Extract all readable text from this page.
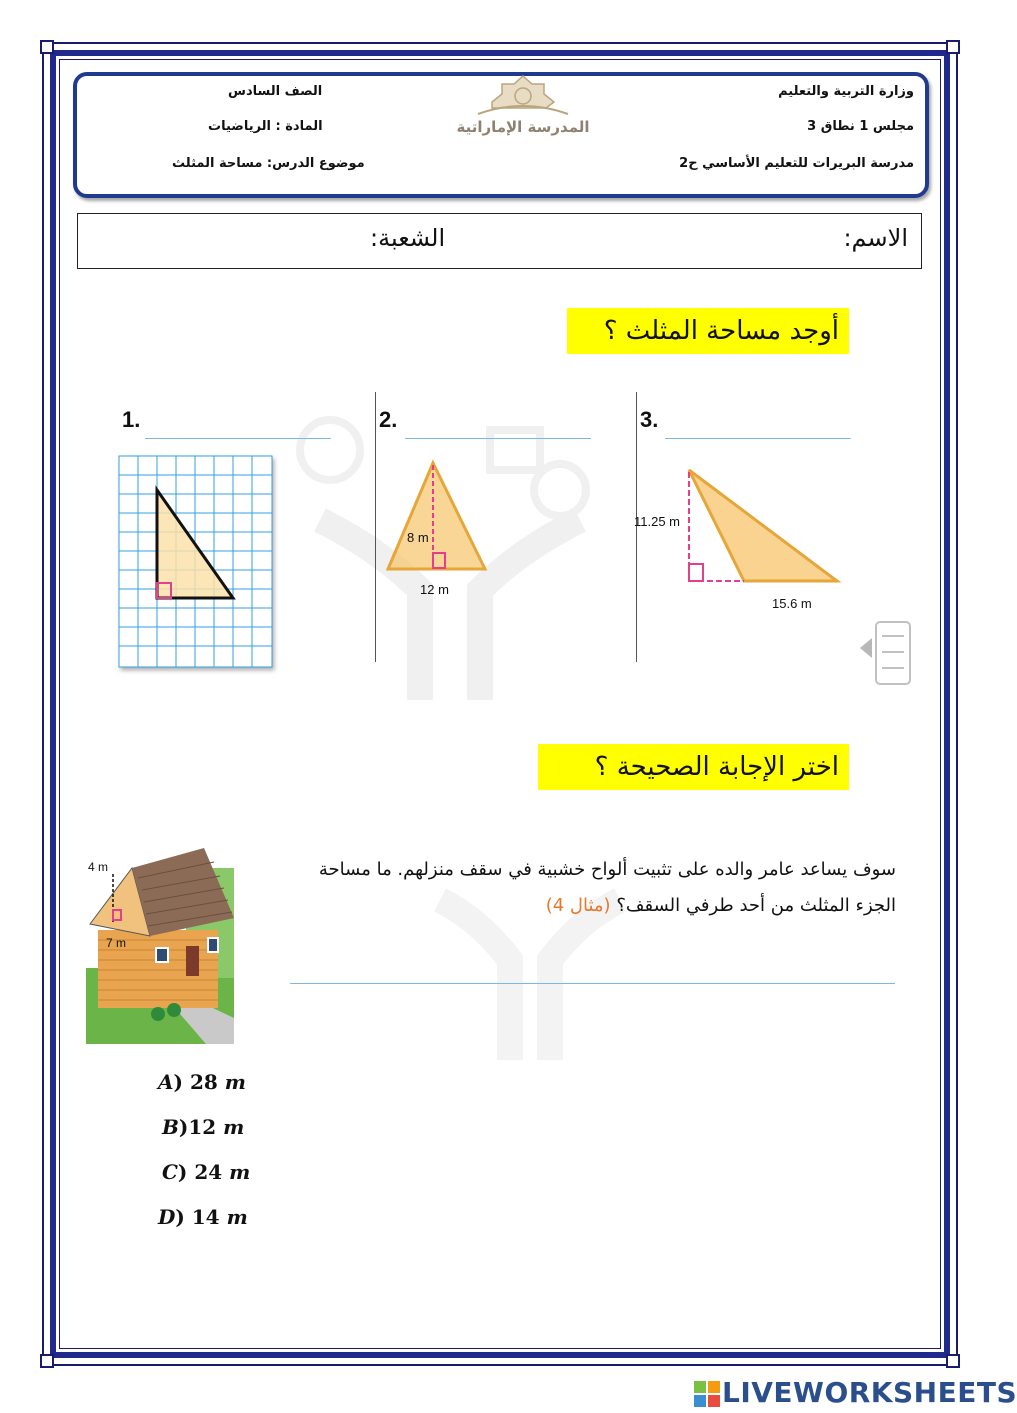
وزارة التربية والتعليم
مجلس 1 نطاق 3
مدرسة البريرات للتعليم الأساسي ح2
الصف السادس
المادة : الرياضيات
موضوع الدرس: مساحة المثلث
المدرسة الإماراتية
الاسم:
الشعبة:
أوجد مساحة المثلث ؟
1.	2.	3.
8 m
12 m
11.25 m
15.6 m
اختر الإجابة الصحيحة ؟
سوف يساعد عامر والده على تثبيت ألواح خشبية في سقف منزلهم. ما مساحة الجزء المثلث من أحد طرفي السقف؟ (مثال 4)
4 m
7 m
A) 28 m
B)12 m
C) 24 m
D) 14 m
LIVEWORKSHEETS
